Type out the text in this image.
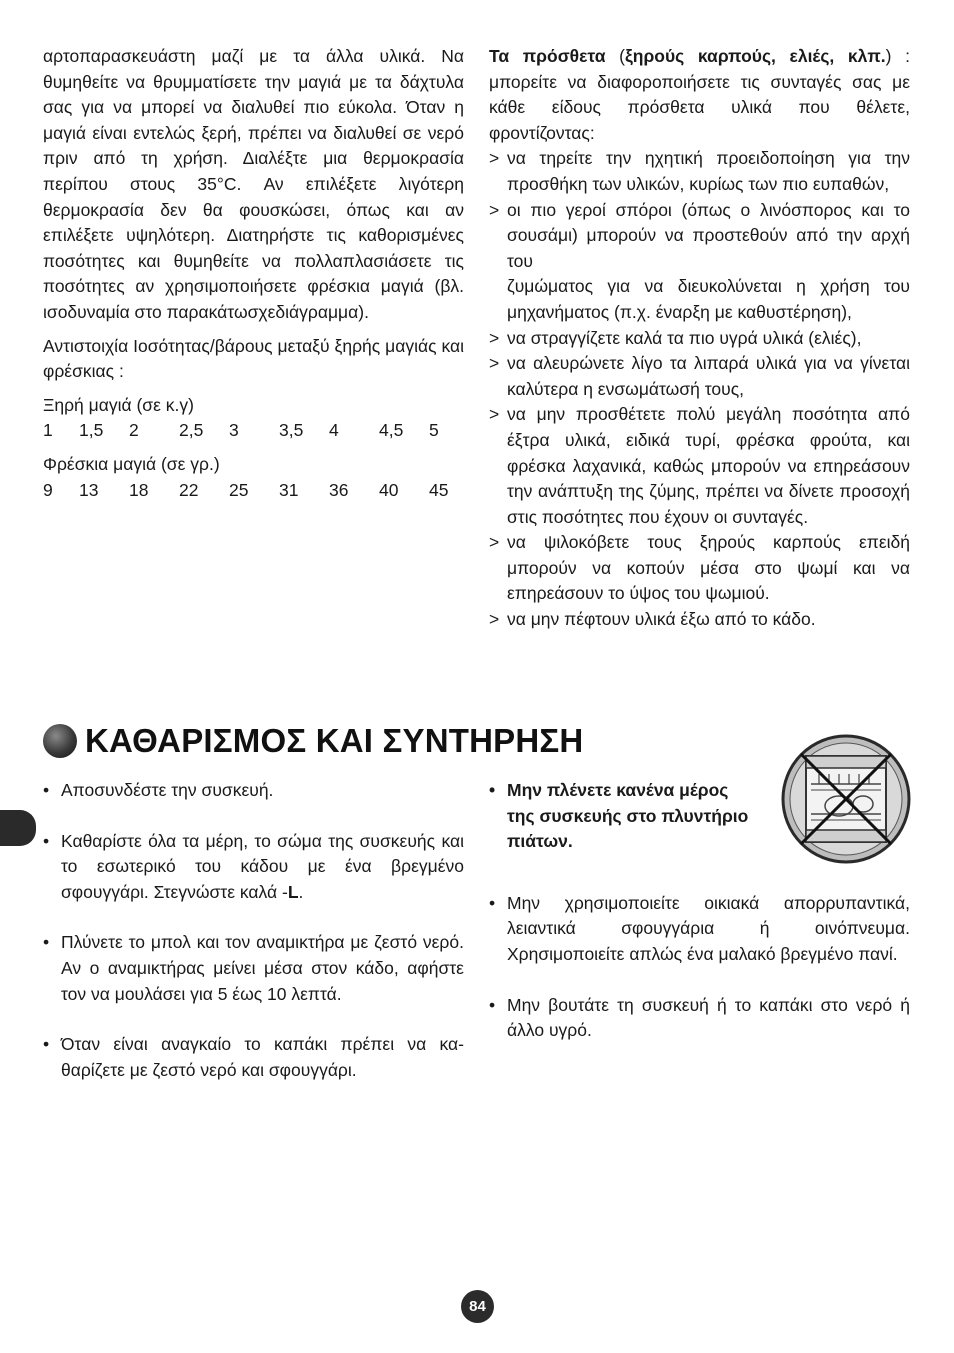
αρτοπαρασκευάστη μαζί με τα άλλα υλικά. Να θυμηθείτε να θρυμματίσετε την μαγιά με τα δάχτυλα σας για να μπορεί να διαλυθεί πιο εύκολα. Όταν η μαγιά είναι εντελώς ξερή, πρέπει να διαλυθεί σε νερό πριν από τη χρήση. Διαλέξτε μια θερμοκρασία περίπου στους 35°C. Αν επιλέξετε λιγότερη θερμοκρασία δεν θα φουσκώσει, όπως και αν επιλέξετε υψηλότερη. Διατηρήστε τις καθορισμένες ποσότητες και θυμηθείτε να πολλαπλασιάσετε τις ποσότητες αν χρησιμοποιήσετε φρέσκια μαγιά (βλ. ισοδυναμία στο παρακάτωσχεδιάγραμμα).

Αντιστοιχία Ιοσότητας/βάρους μεταξύ ξηρής μαγιάς και φρέσκιας :

Ξηρή μαγιά (σε κ.γ)
1	1,5	2	2,5	3	3,5	4	4,5	5
Φρέσκια μαγιά (σε γρ.)
9	13	18	22	25	31	36	40	45

Τα πρόσθετα (ξηρούς καρπούς, ελιές, κλπ.) : μπορείτε να διαφοροποιήσετε τις συνταγές σας με κάθε είδους πρόσθετα υλικά που θέλετε, φροντίζοντας:

> να τηρείτε την ηχητική προειδοποίηση για την προσθήκη των υλικών, κυρίως των πιο ευπαθών,
> οι πιο γεροί σπόροι (όπως ο λινόσπορος και το σουσάμι) μπορούν να προστεθούν από την αρχή του
ζυμώματος για να διευκολύνεται η χρήση του μηχανήματος (π.χ. έναρξη με καθυστέρηση),
> να στραγγίζετε καλά τα πιο υγρά υλικά (ελιές),
> να αλευρώνετε λίγο τα λιπαρά υλικά για να γίνεται καλύτερα η ενσωμάτωσή τους,
> να μην προσθέτετε πολύ μεγάλη ποσότητα από έξτρα υλικά, ειδικά τυρί, φρέσκα φρούτα, και φρέσκα λαχανικά, καθώς μπορούν να επηρεάσουν την ανάπτυξη της ζύμης, πρέπει να δίνετε προσοχή στις ποσότητες που έχουν οι συνταγές.
> να ψιλοκόβετε τους ξηρούς καρπούς επειδή μπορούν να κοπούν μέσα στο ψωμί και να επηρεάσουν το ύψος του ψωμιού.
> να μην πέφτουν υλικά έξω από το κάδο.
ΚΑΘΑΡΙΣΜΟΣ ΚΑΙ ΣΥΝΤΗΡΗΣΗ
• Αποσυνδέστε την συσκευή.
• Καθαρίστε όλα τα μέρη, το σώμα της συσκευής και το εσωτερικό του κάδου με ένα βρεγμένο σφουγγάρι. Στεγνώστε καλά -L.
• Πλύνετε το μπολ και τον αναμικτήρα με ζεστό νερό. Αν ο αναμικτήρας μείνει μέσα στον κάδο, αφήστε τον να μουλάσει για 5 έως 10 λεπτά.
• Όταν είναι αναγκαίο το καπάκι πρέπει να κα- θαρίζετε με ζεστό νερό και σφουγγάρι.
• Μην πλένετε κανένα μέρος της συσκευής στο πλυντήριο πιάτων.
• Μην χρησιμοποιείτε οικιακά απορρυπαντικά, λειαντικά σφουγγάρια ή οινόπνευμα. Χρησιμοποιείτε απλώς ένα μαλακό βρεγμένο πανί.
• Μην βουτάτε τη συσκευή ή το καπάκι στο νερό ή άλλο υγρό.
84
